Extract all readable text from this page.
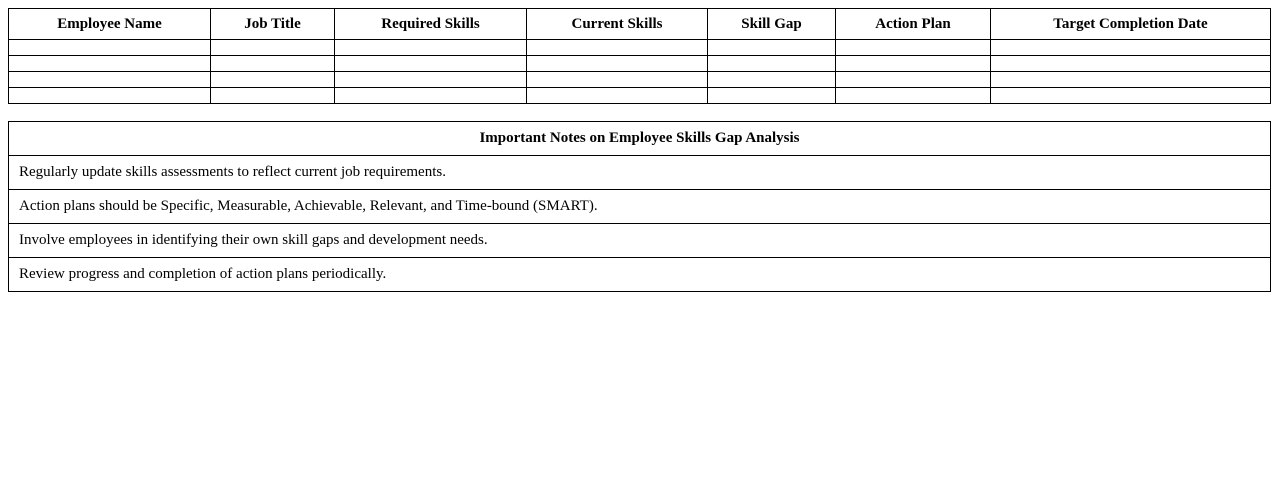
Employee Name	Job Title	Required Skills	Current Skills	Skill Gap	Action Plan	Target Completion Date

Important Notes on Employee Skills Gap Analysis
Regularly update skills assessments to reflect current job requirements.
Action plans should be Specific, Measurable, Achievable, Relevant, and Time-bound (SMART).
Involve employees in identifying their own skill gaps and development needs.
Review progress and completion of action plans periodically.
